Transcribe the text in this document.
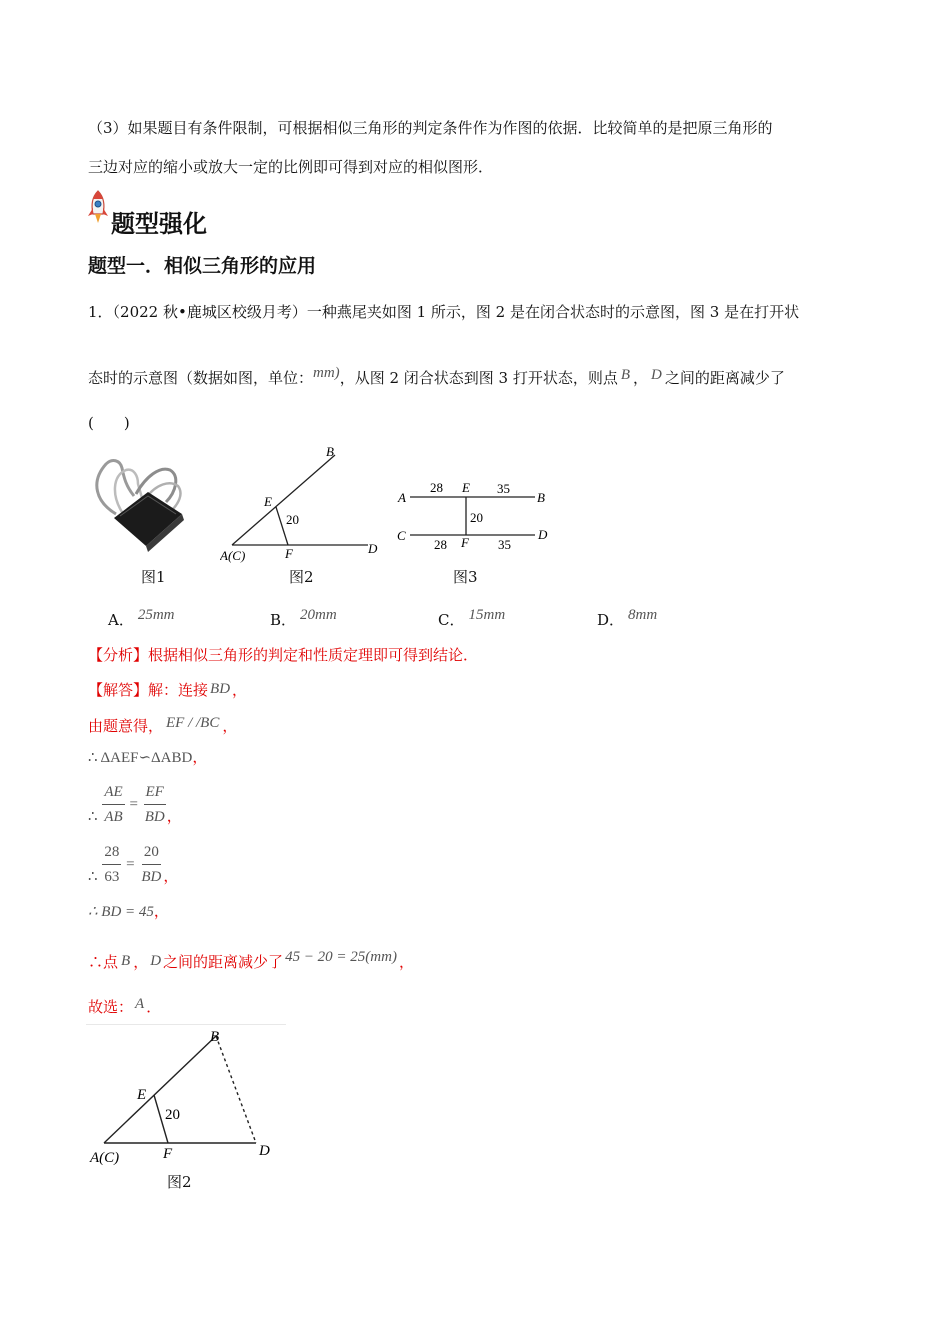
（3）如果题目有条件限制，可根据相似三角形的判定条件作为作图的依据．比较简单的是把原三角形的
三边对应的缩小或放大一定的比例即可得到对应的相似图形．
题型强化
题型一．相似三角形的应用
1．（2022 秋•鹿城区校级月考）一种燕尾夹如图 1 所示，图 2 是在闭合状态时的示意图，图 3 是在打开状
态时的示意图（数据如图，单位：mm)，从图 2 闭合状态到图 3 打开状态，则点 B ， D 之间的距离减少了
(　　)
图1
A(C)
B
D
E
F
20
图2
A	B
C	D
E
F
28	35
20
28	35
图3
A． 25mm	B． 20mm	C． 15mm	D． 8mm
【分析】根据相似三角形的判定和性质定理即可得到结论．
【解答】解：连接 BD ，
由题意得， EF / /BC ，
∴ ΔAEF∽ΔABD，
∴ $\frac{AE}{AB} = \frac{EF}{BD}$ ，
∴ $\frac{28}{63} = \frac{20}{BD}$ ，
∴ BD = 45，
∴点 B ， D 之间的距离减少了 45 − 20 = 25(mm) ，
故选： A ．
A(C)
B
D
E
F
20
图2
